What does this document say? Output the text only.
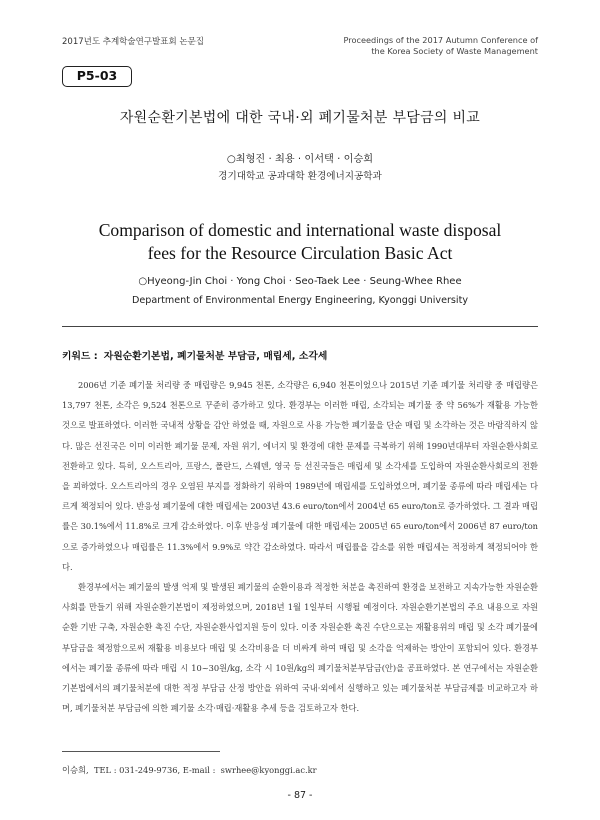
2017년도 추계학술연구발표회 논문집	Proceedings of the 2017 Autumn Conference of
the Korea Society of Waste Management
P5-03
자원순환기본법에 대한 국내·외 폐기물처분 부담금의 비교
○최형진 · 최용 · 이서택 · 이승희
경기대학교 공과대학 환경에너지공학과
Comparison of domestic and international waste disposal
fees for the Resource Circulation Basic Act
○Hyeong-Jin Choi · Yong Choi · Seo-Taek Lee · Seung-Whee Rhee
Department of Environmental Energy Engineering, Kyonggi University
키워드 : 자원순환기본법, 폐기물처분 부담금, 매립세, 소각세

2006년 기준 폐기물 처리량 중 매립량은 9,945 천톤, 소각량은 6,940 천톤이었으나 2015년 기준 폐기물 처리량 중 매립량은 13,797 천톤, 소각은 9,524 천톤으로 꾸준히 증가하고 있다. 환경부는 이러한 매립, 소각되는 폐기물 중 약 56%가 재활용 가능한 것으로 발표하였다. 이러한 국내적 상황을 감안 하였을 때, 자원으로 사용 가능한 폐기물을 단순 매립 및 소각하는 것은 바람직하지 않다. 많은 선진국은 이미 이러한 폐기물 문제, 자원 위기, 에너지 및 환경에 대한 문제를 극복하기 위해 1990년대부터 자원순환사회로 전환하고 있다. 특히, 오스트리아, 프랑스, 폴란드, 스웨덴, 영국 등 선진국들은 매립세 및 소각세를 도입하여 자원순환사회로의 전환을 꾀하였다. 오스트리아의 경우 오염된 부지를 정화하기 위하여 1989년에 매립세를 도입하였으며, 폐기물 종류에 따라 매립세는 다르게 책정되어 있다. 반응성 폐기물에 대한 매립세는 2003년 43.6 euro/ton에서 2004년 65 euro/ton로 증가하였다. 그 결과 매립률은 30.1%에서 11.8%로 크게 감소하였다. 이후 반응성 폐기물에 대한 매립세는 2005년 65 euro/ton에서 2006년 87 euro/ton으로 증가하였으나 매립률은 11.3%에서 9.9%로 약간 감소하였다. 따라서 매립률을 감소를 위한 매립세는 적정하게 책정되어야 한다.

환경부에서는 폐기물의 발생 억제 및 발생된 폐기물의 순환이용과 적정한 처분을 촉진하여 환경을 보전하고 지속가능한 자원순환사회를 만들기 위해 자원순환기본법이 제정하였으며, 2018년 1월 1일부터 시행될 예정이다. 자원순환기본법의 주요 내용으로 자원순환 기반 구축, 자원순환 촉진 수단, 자원순환사업지원 등이 있다. 이중 자원순환 촉진 수단으로는 재활용위의 매립 및 소각 폐기물에 부담금을 책정함으로써 재활용 비용보다 매립 및 소각비용을 더 비싸게 하여 매립 및 소각을 억제하는 방안이 포함되어 있다. 환경부에서는 폐기물 종류에 따라 매립 시 10~30원/kg, 소각 시 10원/kg의 폐기물처분부담금(안)을 공표하였다. 본 연구에서는 자원순환기본법에서의 폐기물처분에 대한 적정 부담금 산정 방안을 위하여 국내·외에서 실행하고 있는 폐기물처분 부담금제를 비교하고자 하며, 폐기물처분 부담금에 의한 폐기물 소각·매립·재활용 추세 등을 검토하고자 한다.

이승희,  TEL : 031-249-9736, E-mail :  swrhee@kyonggi.ac.kr
- 87 -
